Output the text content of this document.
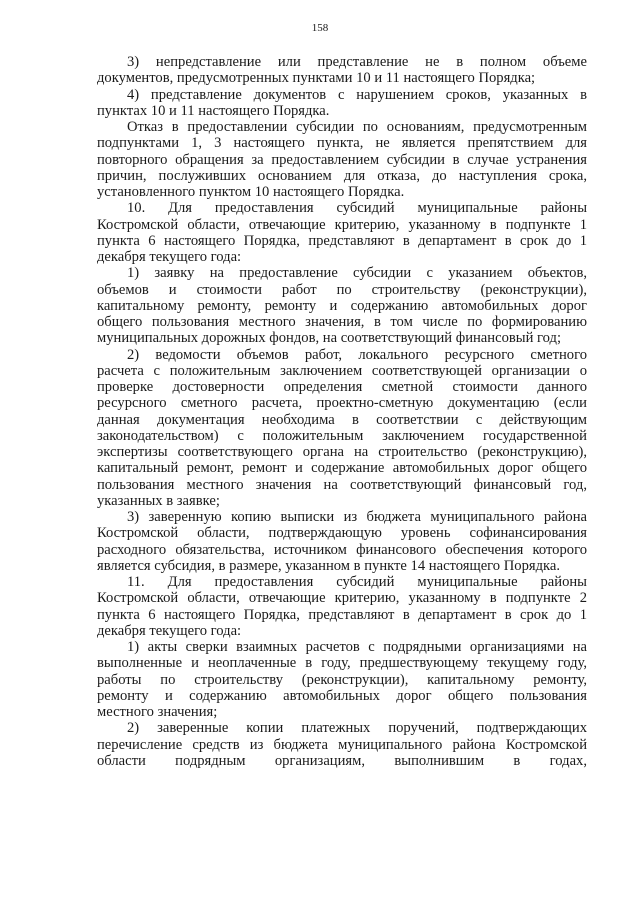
158
3) непредставление или представление не в полном объеме
документов, предусмотренных пунктами 10 и 11 настоящего Порядка;
4) представление документов с нарушением сроков, указанных в
пунктах 10 и 11 настоящего Порядка.
Отказ в предоставлении субсидии по основаниям, предусмотренным
подпунктами 1, 3 настоящего пункта, не является препятствием для
повторного обращения за предоставлением субсидии в случае устранения
причин, послуживших основанием для отказа, до наступления срока,
установленного пунктом 10 настоящего Порядка.
10. Для предоставления субсидий муниципальные районы
Костромской области, отвечающие критерию, указанному в подпункте 1
пункта 6 настоящего Порядка, представляют в департамент в срок до 1
декабря текущего года:
1) заявку на предоставление субсидии с указанием объектов,
объемов и стоимости работ по строительству (реконструкции),
капитальному ремонту, ремонту и содержанию автомобильных дорог
общего пользования местного значения, в том числе по формированию
муниципальных дорожных фондов, на соответствующий финансовый год;
2) ведомости объемов работ, локального ресурсного сметного
расчета с положительным заключением соответствующей организации о
проверке достоверности определения сметной стоимости данного
ресурсного сметного расчета, проектно-сметную документацию (если
данная документация необходима в соответствии с действующим
законодательством) с положительным заключением государственной
экспертизы соответствующего органа на строительство (реконструкцию),
капитальный ремонт, ремонт и содержание автомобильных дорог общего
пользования местного значения на соответствующий финансовый год,
указанных в заявке;
3) заверенную копию выписки из бюджета муниципального района
Костромской области, подтверждающую уровень софинансирования
расходного обязательства, источником финансового обеспечения которого
является субсидия, в размере, указанном в пункте 14 настоящего Порядка.
11. Для предоставления субсидий муниципальные районы
Костромской области, отвечающие критерию, указанному в подпункте 2
пункта 6 настоящего Порядка, представляют в департамент в срок до 1
декабря текущего года:
1) акты сверки взаимных расчетов с подрядными организациями на
выполненные и неоплаченные в году, предшествующему текущему году,
работы по строительству (реконструкции), капитальному ремонту,
ремонту и содержанию автомобильных дорог общего пользования
местного значения;
2) заверенные копии платежных поручений, подтверждающих
перечисление средств из бюджета муниципального района Костромской
области подрядным организациям, выполнившим в годах,
